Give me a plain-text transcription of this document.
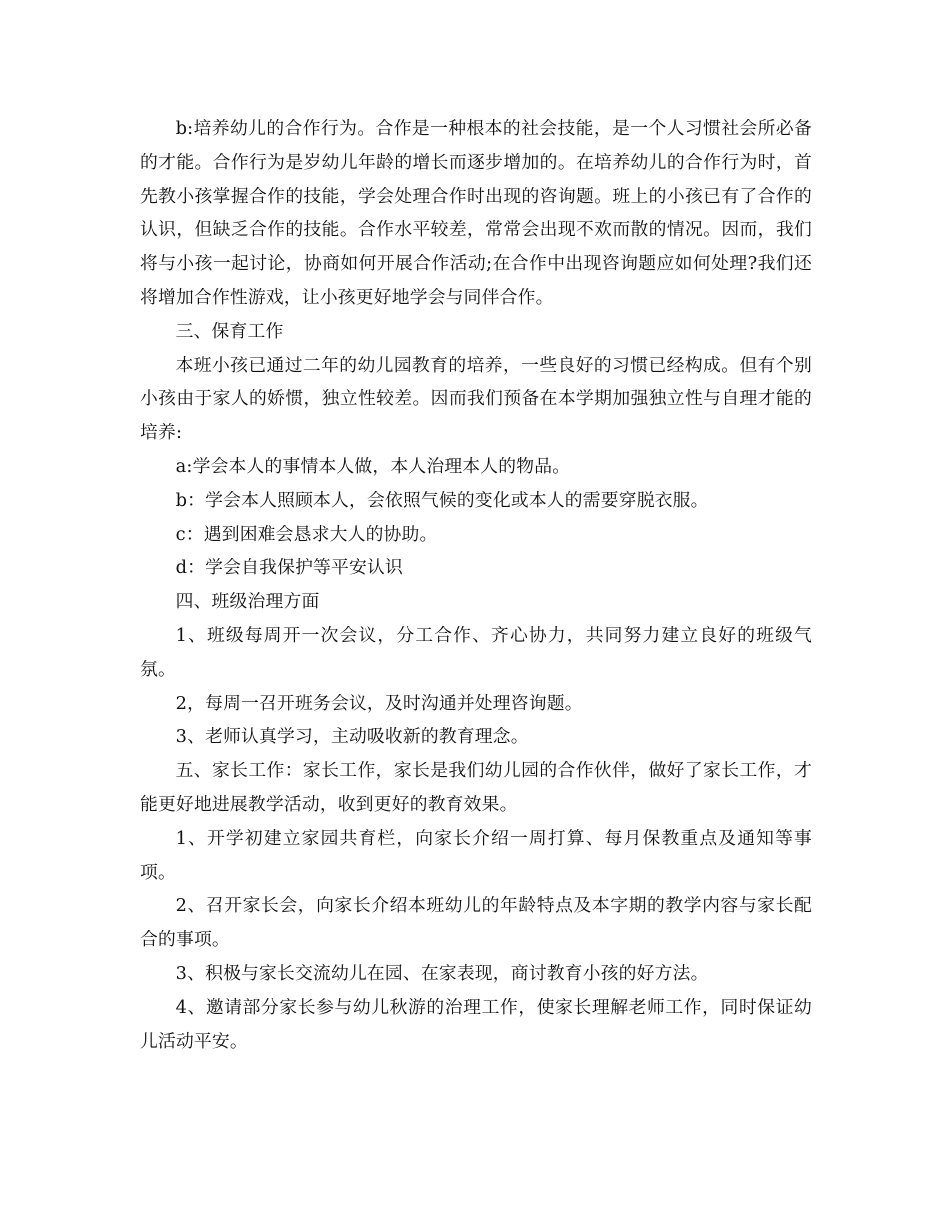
b:培养幼儿的合作行为。合作是一种根本的社会技能，是一个人习惯社会所必备的才能。合作行为是岁幼儿年龄的增长而逐步增加的。在培养幼儿的合作行为时，首先教小孩掌握合作的技能，学会处理合作时出现的咨询题。班上的小孩已有了合作的认识，但缺乏合作的技能。合作水平较差，常常会出现不欢而散的情况。因而，我们将与小孩一起讨论，协商如何开展合作活动;在合作中出现咨询题应如何处理?我们还将增加合作性游戏，让小孩更好地学会与同伴合作。

三、保育工作

本班小孩已通过二年的幼儿园教育的培养，一些良好的习惯已经构成。但有个别小孩由于家人的娇惯，独立性较差。因而我们预备在本学期加强独立性与自理才能的培养:

a:学会本人的事情本人做，本人治理本人的物品。

b：学会本人照顾本人，会依照气候的变化或本人的需要穿脱衣服。

c：遇到困难会恳求大人的协助。

d：学会自我保护等平安认识

四、班级治理方面

1、班级每周开一次会议，分工合作、齐心协力，共同努力建立良好的班级气氛。

2，每周一召开班务会议，及时沟通并处理咨询题。

3、老师认真学习，主动吸收新的教育理念。

五、家长工作：家长工作，家长是我们幼儿园的合作伙伴，做好了家长工作，才能更好地进展教学活动，收到更好的教育效果。

1、开学初建立家园共育栏，向家长介绍一周打算、每月保教重点及通知等事项。

2、召开家长会，向家长介绍本班幼儿的年龄特点及本字期的教学内容与家长配合的事项。

3、积极与家长交流幼儿在园、在家表现，商讨教育小孩的好方法。

4、邀请部分家长参与幼儿秋游的治理工作，使家长理解老师工作，同时保证幼儿活动平安。
